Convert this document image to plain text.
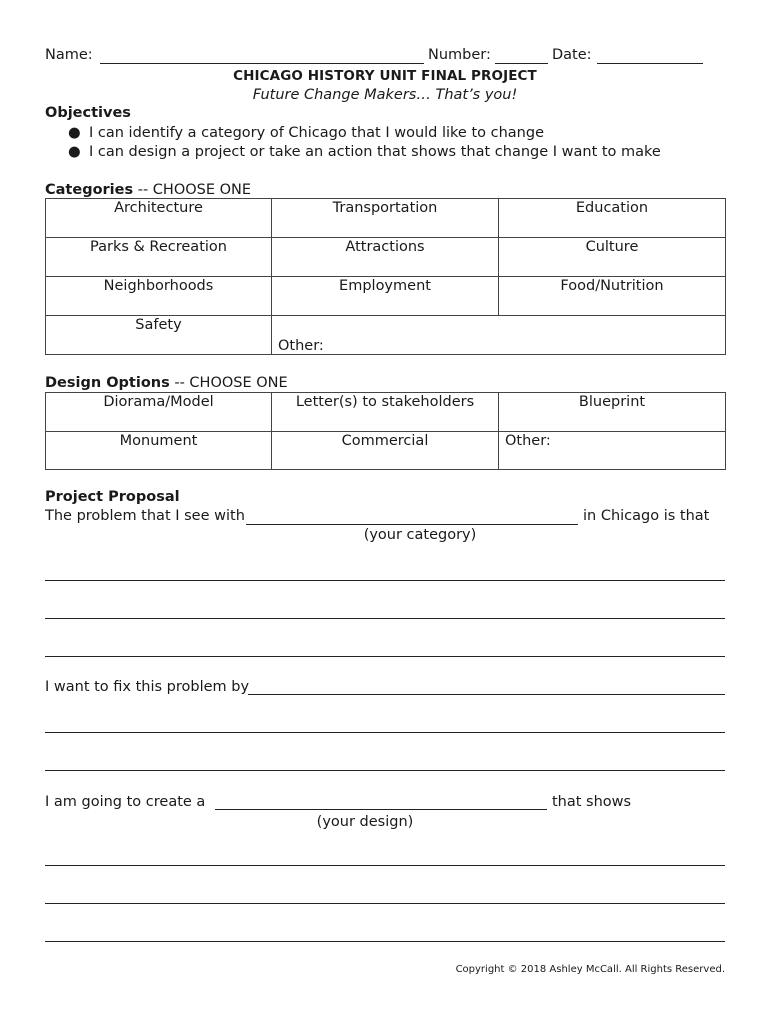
Name:	Number:	Date:
CHICAGO HISTORY UNIT FINAL PROJECT
Future Change Makers… That’s you!
Objectives
● I can identify a category of Chicago that I would like to change
● I can design a project or take an action that shows that change I want to make
Categories -- CHOOSE ONE
Architecture	Transportation	Education

Parks & Recreation	Attractions	Culture

Neighborhoods	Employment	Food/Nutrition

Safety	Other:	
Design Options -- CHOOSE ONE
Diorama/Model	Letter(s) to stakeholders	Blueprint

Monument	Commercial	Other:
Project Proposal
The problem that I see with	in Chicago is that
(your category)
I want to fix this problem by
I am going to create a	that shows
(your design)
Copyright © 2018 Ashley McCall. All Rights Reserved.
